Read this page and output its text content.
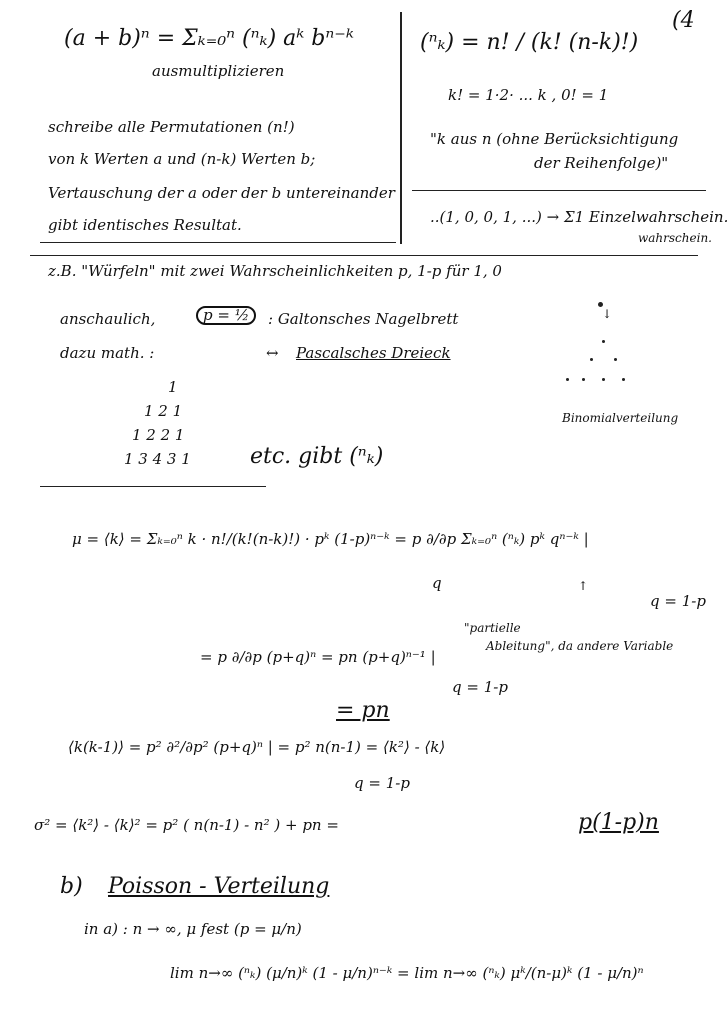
(4
(a + b)ⁿ = Σₖ₌₀ⁿ (ⁿₖ) aᵏ bⁿ⁻ᵏ
ausmultiplizieren
schreibe alle Permutationen (n!)
von k Werten a und (n-k) Werten b;
Vertauschung der a oder der b untereinander
gibt identisches Resultat.
(ⁿₖ) = n! / (k! (n-k)!)
k! = 1·2· ... k , 0! = 1
"k aus n (ohne Berücksichtigung
der Reihenfolge)"
..(1, 0, 0, 1, ...) → Σ1 Einzelwahrschein.
wahrschein.
z.B. "Würfeln" mit zwei Wahrscheinlichkeiten p, 1-p für 1, 0
anschaulich,	p = ½	: Galtonsches Nagelbrett
dazu math. :	↔ Pascalsches Dreieck
↓
Binomialverteilung
1
1 2 1
1 2 2 1
1 3 4 3 1	etc. gibt (ⁿₖ)
μ = ⟨k⟩ = Σₖ₌₀ⁿ k · n!/(k!(n-k)!) · pᵏ (1-p)ⁿ⁻ᵏ = p ∂/∂p Σₖ₌₀ⁿ (ⁿₖ) pᵏ qⁿ⁻ᵏ |
q	↑
q = 1-p
= p ∂/∂p (p+q)ⁿ = pn (p+q)ⁿ⁻¹ |
"partielle
Ableitung", da andere Variable
q = 1-p
= pn
⟨k(k-1)⟩ = p² ∂²/∂p² (p+q)ⁿ | = p² n(n-1) = ⟨k²⟩ - ⟨k⟩
q = 1-p
σ² = ⟨k²⟩ - ⟨k⟩² = p² ( n(n-1) - n² ) + pn =	p(1-p)n
b) Poisson - Verteilung
in a) : n → ∞, μ fest (p = μ/n)
lim n→∞ (ⁿₖ) (μ/n)ᵏ (1 - μ/n)ⁿ⁻ᵏ = lim n→∞ (ⁿₖ) μᵏ/(n-μ)ᵏ (1 - μ/n)ⁿ
